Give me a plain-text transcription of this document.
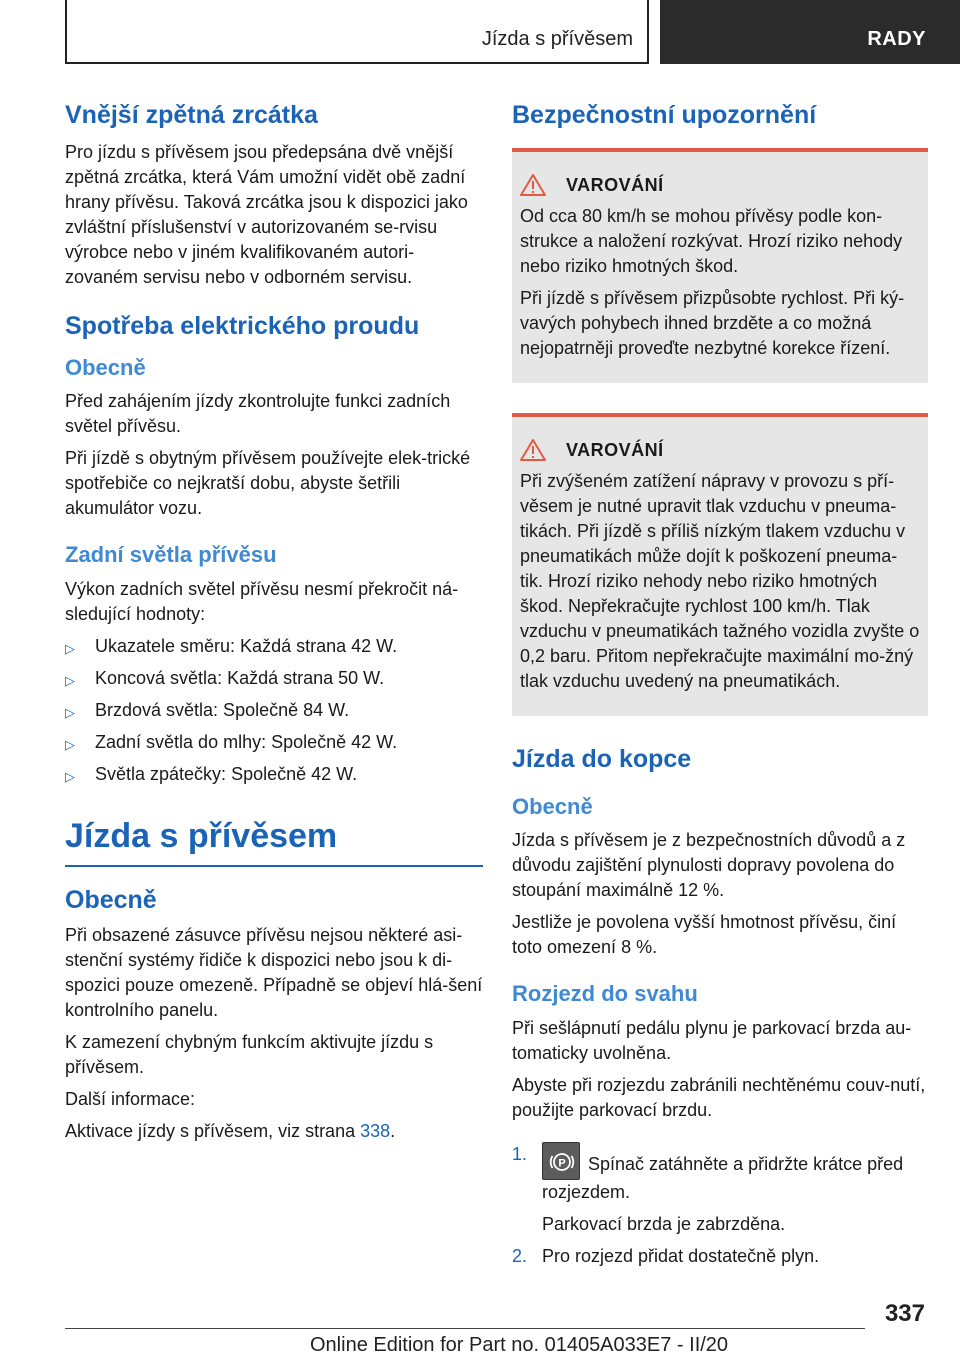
Jízda s přívěsem	RADY
Vnější zpětná zrcátka

Pro jízdu s přívěsem jsou předepsána dvě vnější zpětná zrcátka, která Vám umožní vidět obě zadní hrany přívěsu. Taková zrcátka jsou k dispozici jako zvláštní příslušenství v autorizovaném se-rvisu výrobce nebo v jiném kvalifikovaném autori-zovaném servisu nebo v odborném servisu.

Spotřeba elektrického proudu
Obecně

Před zahájením jízdy zkontrolujte funkci zadních světel přívěsu.

Při jízdě s obytným přívěsem používejte elek-trické spotřebiče co nejkratší dobu, abyste šetřili akumulátor vozu.

Zadní světla přívěsu

Výkon zadních světel přívěsu nesmí překročit ná-sledující hodnoty:

▷ Ukazatele směru: Každá strana 42 W.
▷ Koncová světla: Každá strana 50 W.
▷ Brzdová světla: Společně 84 W.
▷ Zadní světla do mlhy: Společně 42 W.
▷ Světla zpátečky: Společně 42 W.
Jízda s přívěsem
Obecně

Při obsazené zásuvce přívěsu nejsou některé asi-stenční systémy řidiče k dispozici nebo jsou k di-spozici pouze omezeně. Případně se objeví hlá-šení kontrolního panelu.

K zamezení chybným funkcím aktivujte jízdu s přívěsem.

Další informace:

Aktivace jízdy s přívěsem, viz strana 338.

Bezpečnostní upozornění
VAROVÁNÍ

Od cca 80 km/h se mohou přívěsy podle kon-strukce a naložení rozkývat. Hrozí riziko nehody nebo riziko hmotných škod.

Při jízdě s přívěsem přizpůsobte rychlost. Při ký-vavých pohybech ihned brzděte a co možná nejopatrněji proveďte nezbytné korekce řízení.

VAROVÁNÍ

Při zvýšeném zatížení nápravy v provozu s pří-věsem je nutné upravit tlak vzduchu v pneuma-tikách. Při jízdě s příliš nízkým tlakem vzduchu v pneumatikách může dojít k poškození pneuma-tik. Hrozí riziko nehody nebo riziko hmotných škod. Nepřekračujte rychlost 100 km/h. Tlak vzduchu v pneumatikách tažného vozidla zvyšte o 0,2 baru. Přitom nepřekračujte maximální mo-žný tlak vzduchu uvedený na pneumatikách.

Jízda do kopce
Obecně

Jízda s přívěsem je z bezpečnostních důvodů a z důvodu zajištění plynulosti dopravy povolena do stoupání maximálně 12 %.

Jestliže je povolena vyšší hmotnost přívěsu, činí toto omezení 8 %.

Rozjezd do svahu

Při sešlápnutí pedálu plynu je parkovací brzda au-tomaticky uvolněna.

Abyste při rozjezdu zabránili nechtěnému couv-nutí, použijte parkovací brzdu.

1.	P Spínač zatáhněte a přidržte krátce před rozjezdem.

Parkovací brzda je zabrzděna.

2. Pro rozjezd přidat dostatečně plyn.
337
Online Edition for Part no. 01405A033E7 - II/20
